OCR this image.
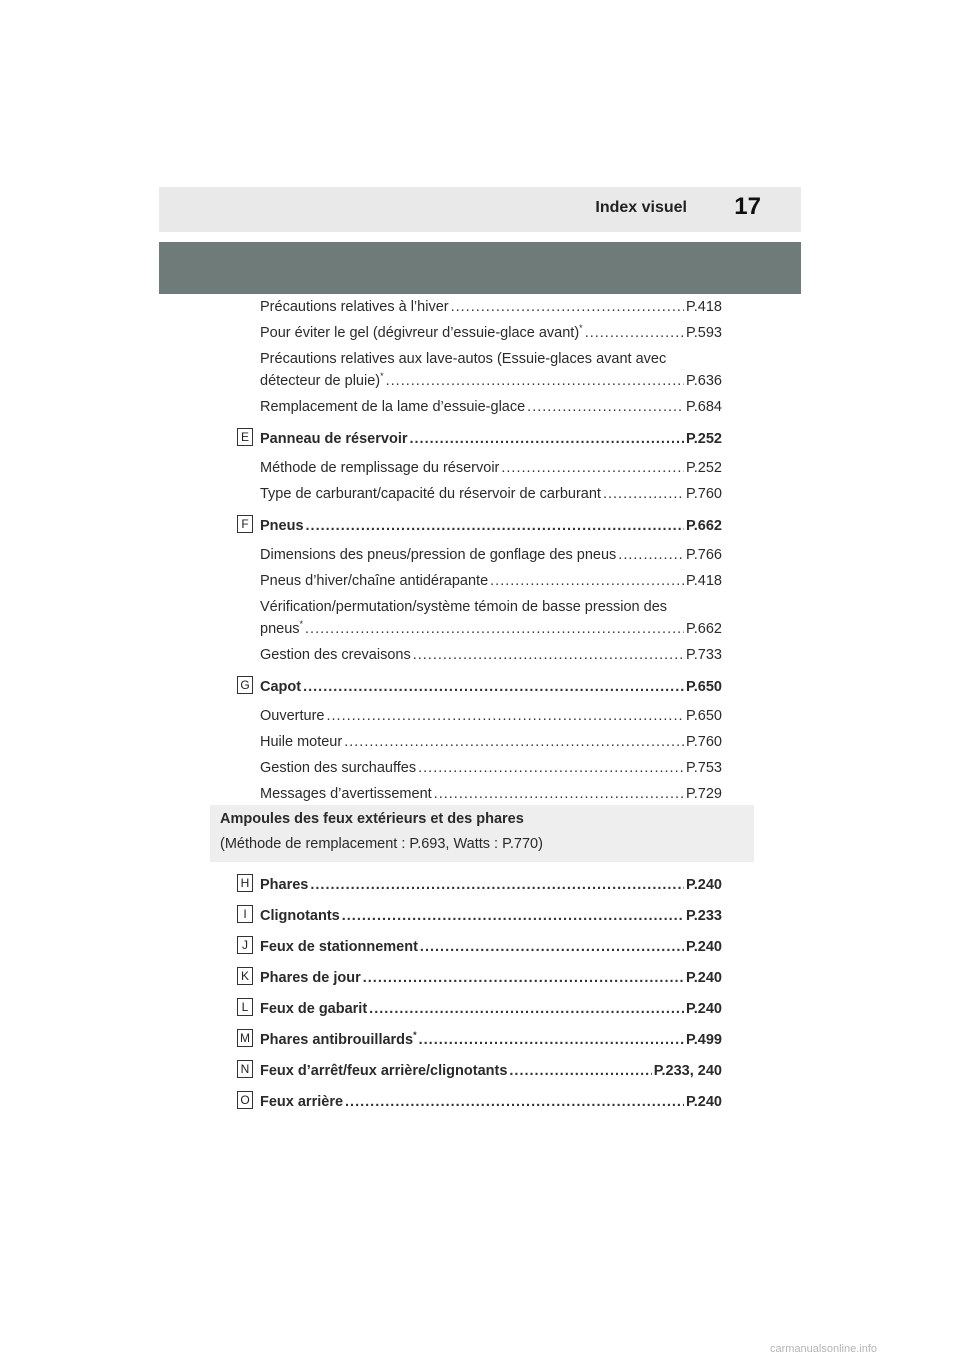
Index visuel 17
Précautions relatives à l’hiver .....	P.418
Pour éviter le gel (dégivreur d’essuie-glace avant)* .....	P.593
Précautions relatives aux lave-autos (Essuie-glaces avant avec
détecteur de pluie)* .....	P.636
Remplacement de la lame d’essuie-glace .....	P.684
E Panneau de réservoir .....	P.252
Méthode de remplissage du réservoir .....	P.252
Type de carburant/capacité du réservoir de carburant .....	P.760
F Pneus .....	P.662
Dimensions des pneus/pression de gonflage des pneus .....	P.766
Pneus d’hiver/chaîne antidérapante .....	P.418
Vérification/permutation/système témoin de basse pression des
pneus* .....	P.662
Gestion des crevaisons .....	P.733
G Capot .....	P.650
Ouverture .....	P.650
Huile moteur .....	P.760
Gestion des surchauffes .....	P.753
Messages d’avertissement .....	P.729
Ampoules des feux extérieurs et des phares
(Méthode de remplacement : P.693, Watts : P.770)
H Phares .....	P.240
I Clignotants .....	P.233
J Feux de stationnement .....	P.240
K Phares de jour .....	P.240
L Feux de gabarit .....	P.240
M Phares antibrouillards* .....	P.499
N Feux d’arrêt/feux arrière/clignotants .....	P.233, 240
O Feux arrière .....	P.240
carmanualsonline.info
